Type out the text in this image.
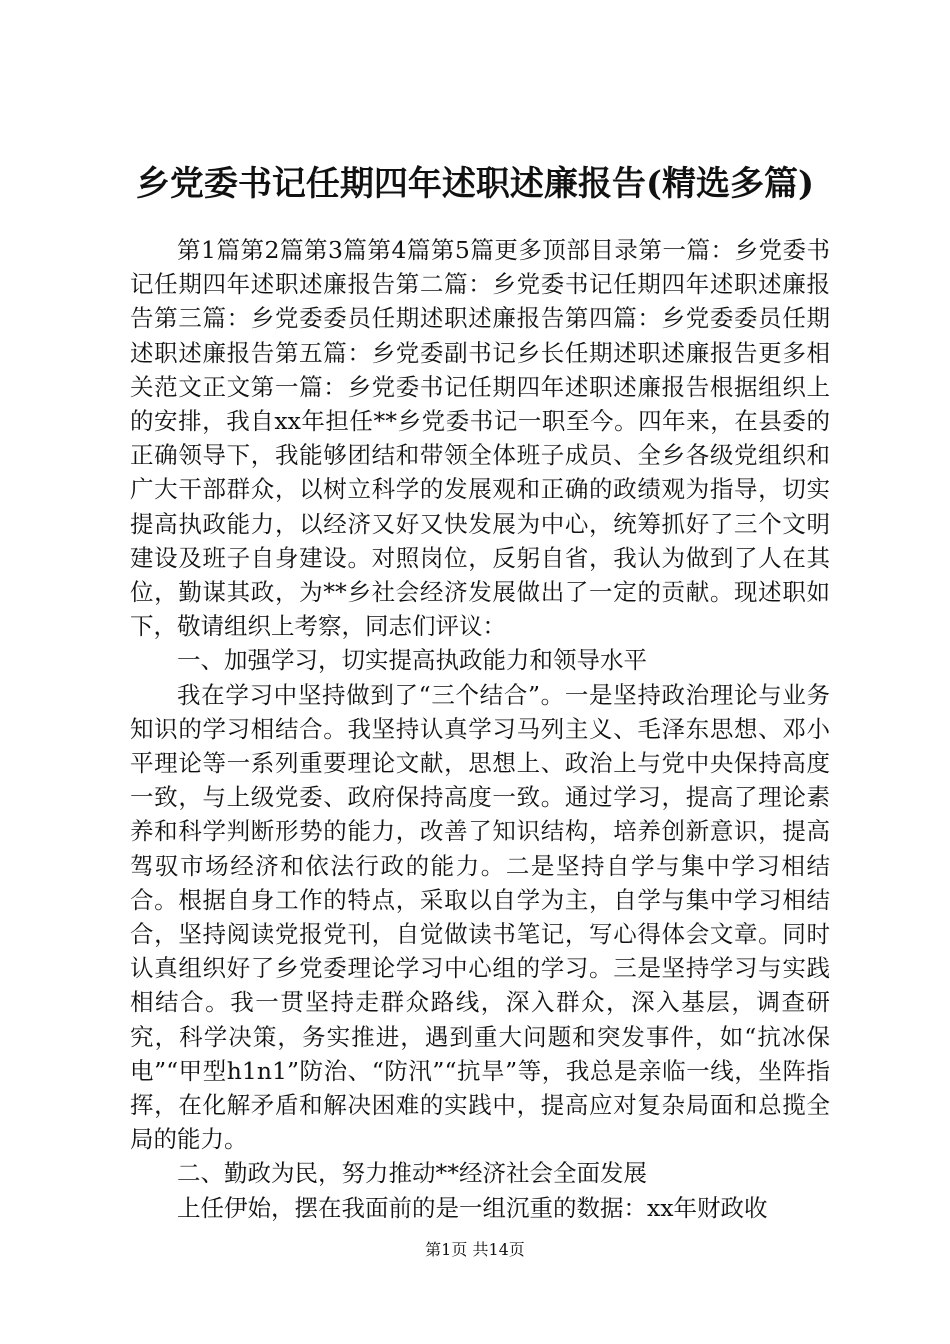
乡党委书记任期四年述职述廉报告(精选多篇)

第1篇第2篇第3篇第4篇第5篇更多顶部目录第一篇：乡党委书记任期四年述职述廉报告第二篇：乡党委书记任期四年述职述廉报告第三篇：乡党委委员任期述职述廉报告第四篇：乡党委委员任期述职述廉报告第五篇：乡党委副书记乡长任期述职述廉报告更多相关范文正文第一篇：乡党委书记任期四年述职述廉报告根据组织上的安排，我自xx年担任**乡党委书记一职至今。四年来，在县委的正确领导下，我能够团结和带领全体班子成员、全乡各级党组织和广大干部群众，以树立科学的发展观和正确的政绩观为指导，切实提高执政能力，以经济又好又快发展为中心，统筹抓好了三个文明建设及班子自身建设。对照岗位，反躬自省，我认为做到了人在其位，勤谋其政，为**乡社会经济发展做出了一定的贡献。现述职如下，敬请组织上考察，同志们评议：

一、加强学习，切实提高执政能力和领导水平

我在学习中坚持做到了“三个结合”。一是坚持政治理论与业务知识的学习相结合。我坚持认真学习马列主义、毛泽东思想、邓小平理论等一系列重要理论文献，思想上、政治上与党中央保持高度一致，与上级党委、政府保持高度一致。通过学习，提高了理论素养和科学判断形势的能力，改善了知识结构，培养创新意识，提高驾驭市场经济和依法行政的能力。二是坚持自学与集中学习相结合。根据自身工作的特点，采取以自学为主，自学与集中学习相结合，坚持阅读党报党刊，自觉做读书笔记，写心得体会文章。同时认真组织好了乡党委理论学习中心组的学习。三是坚持学习与实践相结合。我一贯坚持走群众路线，深入群众，深入基层，调查研究，科学决策，务实推进，遇到重大问题和突发事件，如“抗冰保电”“甲型h1n1”防治、“防汛”“抗旱”等，我总是亲临一线，坐阵指挥，在化解矛盾和解决困难的实践中，提高应对复杂局面和总揽全局的能力。

二、勤政为民，努力推动**经济社会全面发展

上任伊始，摆在我面前的是一组沉重的数据：xx年财政收

第1页 共14页
